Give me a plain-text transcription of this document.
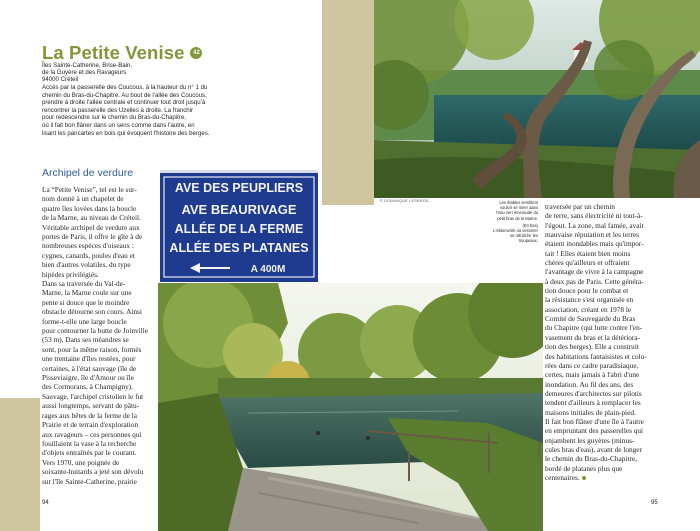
La Petite Venise	42
Îles Sainte-Catherine, Brise-Bain,
de la Guyère et des Ravageurs
94000 Créteil
Accès par la passerelle des Coucous, à la hauteur du n° 1 du
chemin du Bras-du-Chapitre. Au bout de l'allée des Coucous,
prendre à droite l'allée centrale et continuer tout droit jusqu'à
rencontrer la passerelle des Uzelles à droite. La franchir
pour redescendre sur le chemin du Bras-du-Chapitre,
où il fait bon flâner dans un sens comme dans l'autre, en
lisant les pancartes en bois qui évoquent l'histoire des berges.
Archipel de verdure
La “Petite Venise”, tel est le sur-
nom donné à un chapelet de
quatre îles lovées dans la boucle
de la Marne, au niveau de Créteil.
Véritable archipel de verdure aux
portes de Paris, il offre le gîte à de
nombreuses espèces d'oiseaux :
cygnes, canards, poules d'eau et
bien d'autres volatiles, du type
bipèdes privilégiés.
Dans sa traversée du Val-de-
Marne, la Marne coule sur une
pente si douce que le moindre
obstacle détourne son cours. Ainsi
forme-t-elle une large boucle
pour contourner la butte de Joinville
(53 m). Dans ses méandres se
sont, pour la même raison, formés
une trentaine d'îles restées, pour
certaines, à l'état sauvage (île de
Pisseviaigre, île d'Amour ou île
des Cormorans, à Champigny).
Sauvage, l'archipel cristolien le fut
aussi longtemps, servant de pâtu-
rages aux bêtes de la ferme de la
Prairie et de terrain d'exploration
aux ravageurs – ces personnes qui
fouillaient la vase à la recherche
d'objets entraînés par le courant.
Vers 1970, une poignée de
soixante-huitards a jeté son dévolu
sur l'île Sainte-Catherine, prairie
94
AVE DES PEUPLIERS
AVE BEAURIVAGE
ALLÉE DE LA FERME
ALLÉE DES PLATANES
A 400M
© DOMINIQUE LESBROS	Les étables semblent
vouloir se mirer dans
l'eau vert émeraude du
petit bras de la Marne.
(En bas)
L'eldorovrirk où vesserer
se rafraîchir les
troupeaux.
© DOMINIQUE LESBROS
traversée par un chemin
de terre, sans électricité ni tout-à-
l'égout. La zone, mal famée, avait
mauvaise réputation et les terres
étaient inondables mais qu'impor-
tait ! Elles étaient bien moins
chères qu'ailleurs et offraient
l'avantage de vivre à la campagne
à deux pas de Paris. Cette généra-
tion douce pour le combat et
la résistance s'est organisée en
association, créant en 1978 le
Comité de Sauvegarde du Bras
du Chapitre (qui lutte contre l'en-
vasement du bras et la détériora-
tion des berges). Elle a construit
des habitations fantaisistes et colo-
rées dans ce cadre paradisiaque,
certes, mais jamais à l'abri d'une
inondation. Au fil des ans, des
demeures d'architectes sur pilotis
tendent d'ailleurs à remplacer les
maisons initiales de plain-pied.
Il fait bon flâner d'une île à l'autre
en empruntant des passerelles qui
enjambent les guyères (minus-
cules bras d'eau), avant de longer
le chemin du Bras-du-Chapitre,
bordé de platanes plus que
centenaires.
95
